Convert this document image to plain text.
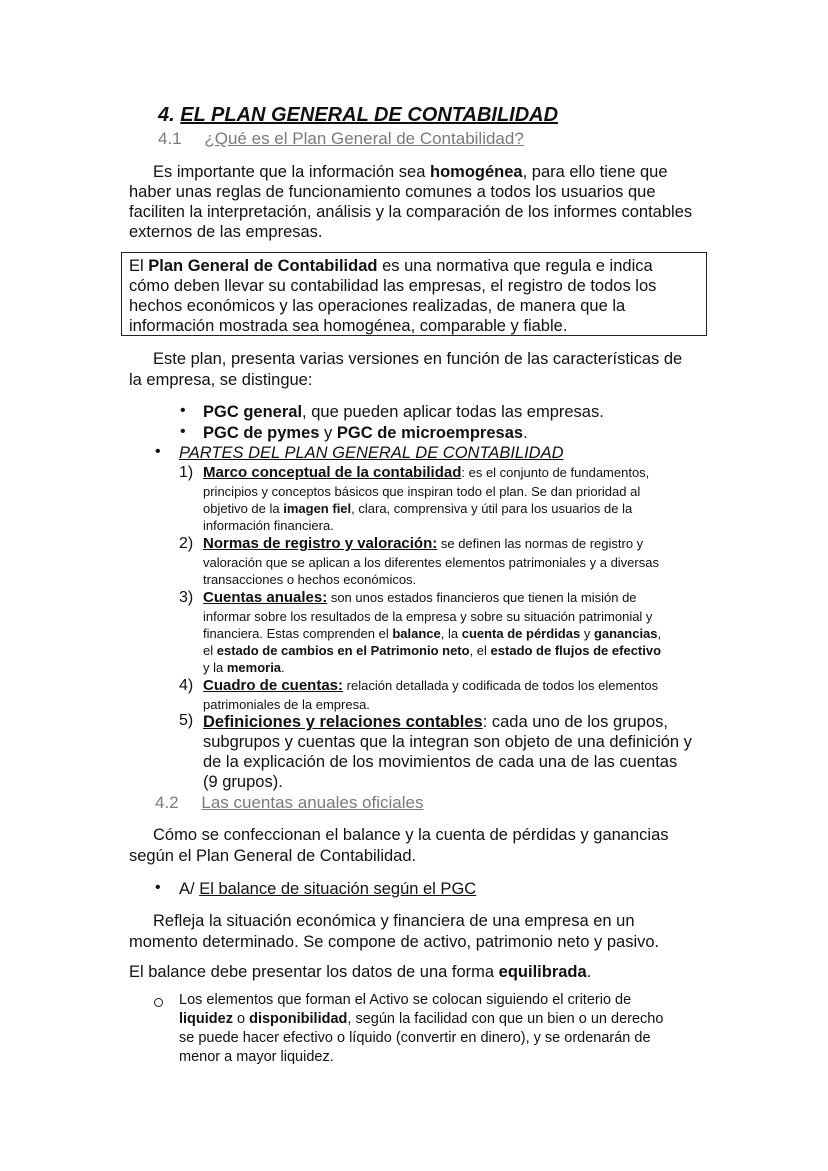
4. EL PLAN GENERAL DE CONTABILIDAD
4.1 ¿Qué es el Plan General de Contabilidad?
Es importante que la información sea homogénea, para ello tiene que
haber unas reglas de funcionamiento comunes a todos los usuarios que
faciliten la interpretación, análisis y la comparación de los informes contables
externos de las empresas.
El Plan General de Contabilidad es una normativa que regula e indica
cómo deben llevar su contabilidad las empresas, el registro de todos los
hechos económicos y las operaciones realizadas, de manera que la
información mostrada sea homogénea, comparable y fiable.
Este plan, presenta varias versiones en función de las características de
la empresa, se distingue:
• PGC general, que pueden aplicar todas las empresas.
• PGC de pymes y PGC de microempresas.
• PARTES DEL PLAN GENERAL DE CONTABILIDAD
1) Marco conceptual de la contabilidad: es el conjunto de fundamentos,
principios y conceptos básicos que inspiran todo el plan. Se dan prioridad al
objetivo de la imagen fiel, clara, comprensiva y útil para los usuarios de la
información financiera.
2) Normas de registro y valoración: se definen las normas de registro y
valoración que se aplican a los diferentes elementos patrimoniales y a diversas
transacciones o hechos económicos.
3) Cuentas anuales: son unos estados financieros que tienen la misión de
informar sobre los resultados de la empresa y sobre su situación patrimonial y
financiera. Estas comprenden el balance, la cuenta de pérdidas y ganancias,
el estado de cambios en el Patrimonio neto, el estado de flujos de efectivo
y la memoria.
4) Cuadro de cuentas: relación detallada y codificada de todos los elementos
patrimoniales de la empresa.
5) Definiciones y relaciones contables: cada uno de los grupos,
subgrupos y cuentas que la integran son objeto de una definición y
de la explicación de los movimientos de cada una de las cuentas
(9 grupos).
4.2 Las cuentas anuales oficiales
Cómo se confeccionan el balance y la cuenta de pérdidas y ganancias
según el Plan General de Contabilidad.
• A/ El balance de situación según el PGC
Refleja la situación económica y financiera de una empresa en un
momento determinado. Se compone de activo, patrimonio neto y pasivo.
El balance debe presentar los datos de una forma equilibrada.
Los elementos que forman el Activo se colocan siguiendo el criterio de
liquidez o disponibilidad, según la facilidad con que un bien o un derecho
se puede hacer efectivo o líquido (convertir en dinero), y se ordenarán de
menor a mayor liquidez.
